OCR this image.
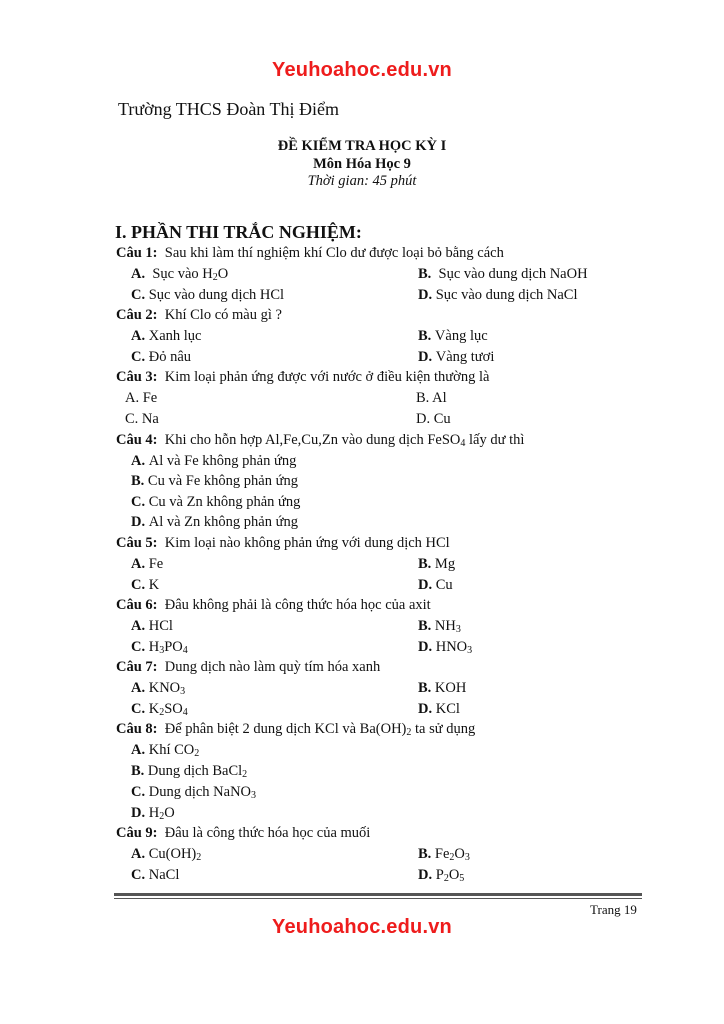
Yeuhoahoc.edu.vn
Trường THCS Đoàn Thị Điểm
ĐỀ KIỂM TRA HỌC KỲ I
Môn Hóa Học 9
Thời gian: 45 phút
I. PHẦN THI TRẮC NGHIỆM:
Câu 1: Sau khi làm thí nghiệm khí Clo dư được loại bỏ bằng cách
A. Sục vào $H_2O$	B.  Sục vào dung dịch NaOH
C. Sục vào dung dịch HCl	D. Sục vào dung dịch NaCl
Câu 2: Khí Clo có màu gì ?
A. Xanh lục	B. Vàng lục
C. Đỏ nâu	D. Vàng tươi
Câu 3:  Kim loại phản ứng được với nước ở điều kiện thường là
A. Fe	B. Al
C. Na	D. Cu
Câu 4: Khi cho hỗn hợp Al,Fe,Cu,Zn vào dung dịch FeSO$_4$ lấy dư thì
A. Al và Fe không phản ứng
B. Cu và Fe không phản ứng
C. Cu và Zn không phản ứng
D. Al và Zn không phản ứng
Câu 5: Kim loại nào không phản ứng với dung dịch HCl
A. Fe	B. Mg
C. K	D. Cu
Câu 6:  Đâu không phải là công thức hóa học của axit
A. HCl	B. $NH_3$
C. $H_3PO_4$	D. $HNO_3$
Câu 7:  Dung dịch nào làm quỳ tím hóa xanh
A. $KNO_3$	B. KOH
C. $K_2SO_4$	D. KCl
Câu 8:  Để phân biệt 2 dung dịch KCl và $Ba(OH)_2$ ta sử dụng
A. Khí $CO_2$
B. Dung dịch BaCl$_2$
C. Dung dịch NaNO$_3$
D. $H_2O$
Câu 9: Đâu là công thức hóa học của muối
A. $Cu(OH)_2$	B. $Fe_2O_3$
C. NaCl	D. $P_2O_5$
Trang 19
Yeuhoahoc.edu.vn
